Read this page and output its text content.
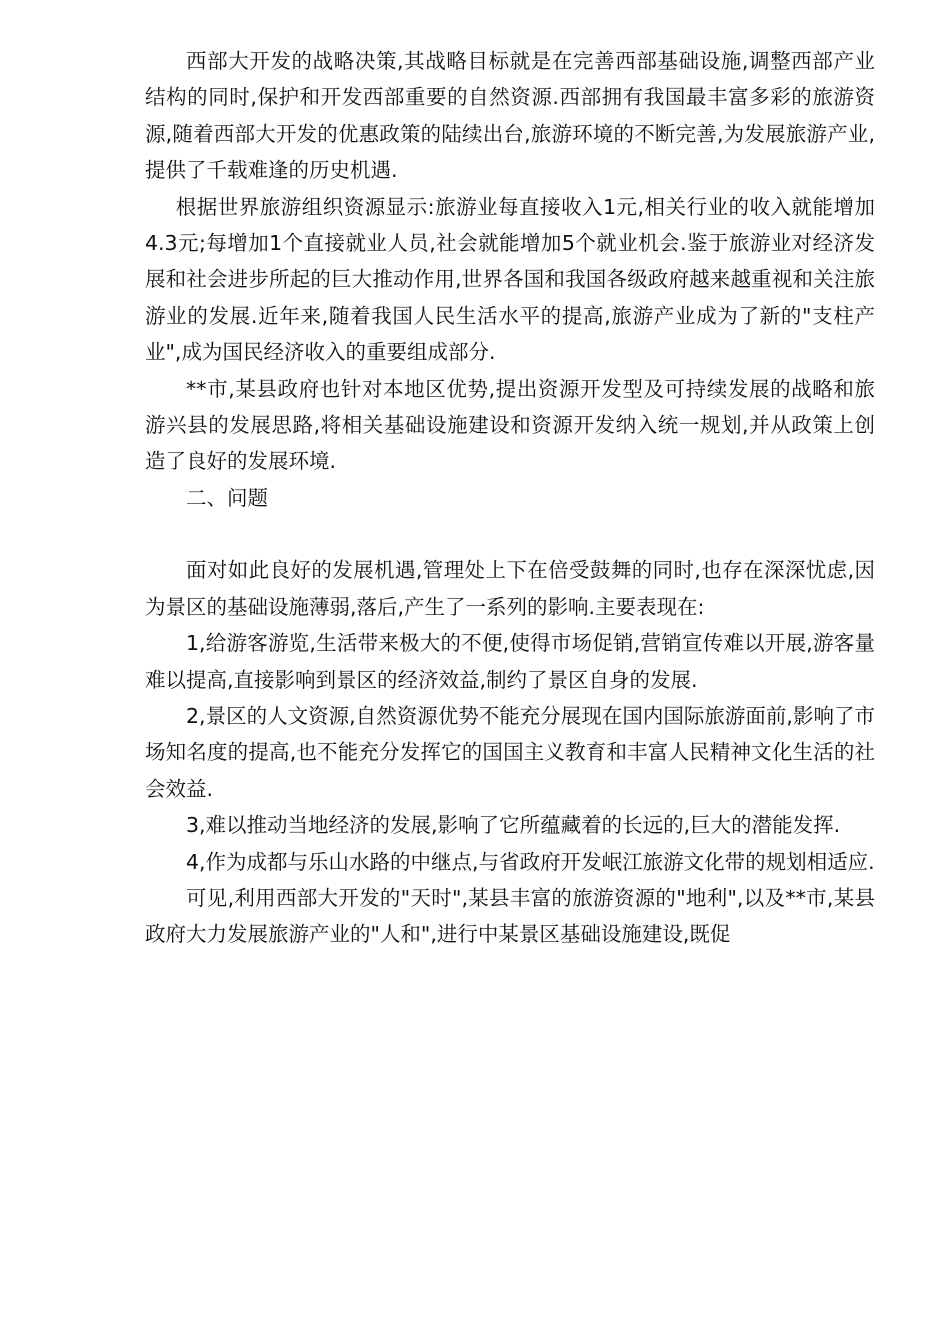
西部大开发的战略决策,其战略目标就是在完善西部基础设施,调整西部产业结构的同时,保护和开发西部重要的自然资源.西部拥有我国最丰富多彩的旅游资源,随着西部大开发的优惠政策的陆续出台,旅游环境的不断完善,为发展旅游产业,提供了千载难逢的历史机遇.

根据世界旅游组织资源显示:旅游业每直接收入1元,相关行业的收入就能增加4.3元;每增加1个直接就业人员,社会就能增加5个就业机会.鉴于旅游业对经济发展和社会进步所起的巨大推动作用,世界各国和我国各级政府越来越重视和关注旅游业的发展.近年来,随着我国人民生活水平的提高,旅游产业成为了新的"支柱产业",成为国民经济收入的重要组成部分.

**市,某县政府也针对本地区优势,提出资源开发型及可持续发展的战略和旅游兴县的发展思路,将相关基础设施建设和资源开发纳入统一规划,并从政策上创造了良好的发展环境.

二、问题

面对如此良好的发展机遇,管理处上下在倍受鼓舞的同时,也存在深深忧虑,因为景区的基础设施薄弱,落后,产生了一系列的影响.主要表现在:

1,给游客游览,生活带来极大的不便,使得市场促销,营销宣传难以开展,游客量难以提高,直接影响到景区的经济效益,制约了景区自身的发展.

2,景区的人文资源,自然资源优势不能充分展现在国内国际旅游面前,影响了市场知名度的提高,也不能充分发挥它的国国主义教育和丰富人民精神文化生活的社会效益.

3,难以推动当地经济的发展,影响了它所蕴藏着的长远的,巨大的潜能发挥.

4,作为成都与乐山水路的中继点,与省政府开发岷江旅游文化带的规划相适应.

可见,利用西部大开发的"天时",某县丰富的旅游资源的"地利",以及**市,某县政府大力发展旅游产业的"人和",进行中某景区基础设施建设,既促
